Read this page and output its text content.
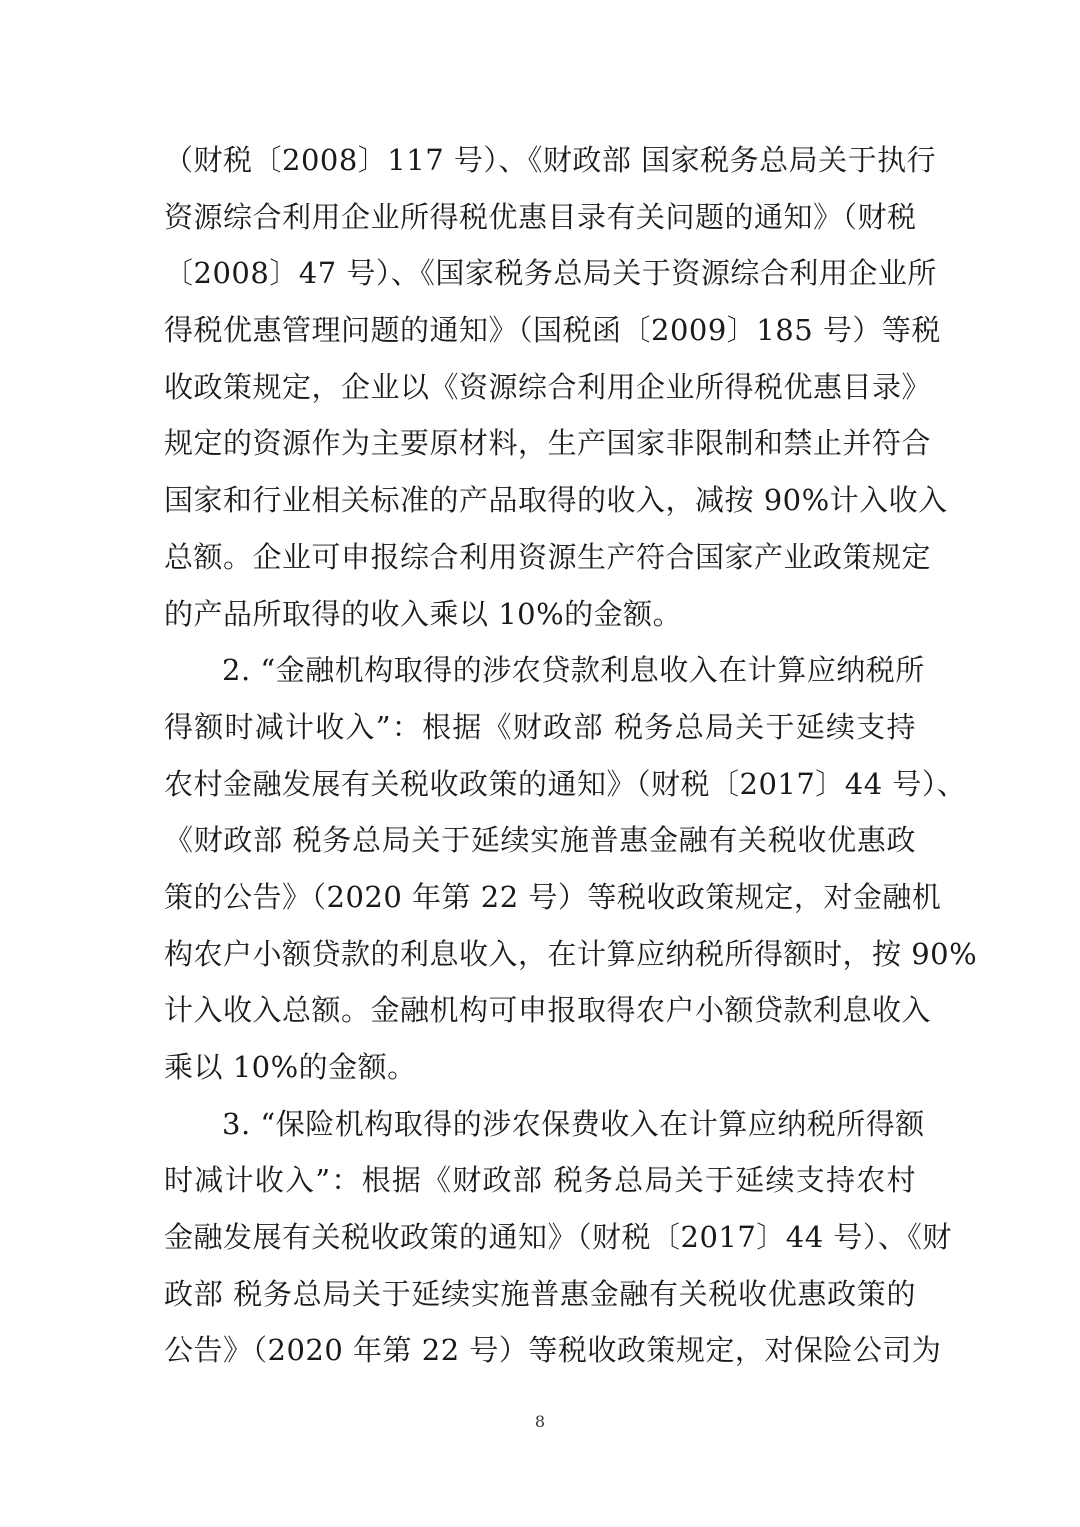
（财税〔2008〕117 号）、《财政部 国家税务总局关于执行
资源综合利用企业所得税优惠目录有关问题的通知》（财税
〔2008〕47 号）、《国家税务总局关于资源综合利用企业所
得税优惠管理问题的通知》（国税函〔2009〕185 号）等税
收政策规定，企业以《资源综合利用企业所得税优惠目录》
规定的资源作为主要原材料，生产国家非限制和禁止并符合
国家和行业相关标准的产品取得的收入，减按 90%计入收入
总额。企业可申报综合利用资源生产符合国家产业政策规定
的产品所取得的收入乘以 10%的金额。
2. “金融机构取得的涉农贷款利息收入在计算应纳税所
得额时减计收入”：根据《财政部 税务总局关于延续支持
农村金融发展有关税收政策的通知》（财税〔2017〕44 号）、
《财政部 税务总局关于延续实施普惠金融有关税收优惠政
策的公告》（2020 年第 22 号）等税收政策规定，对金融机
构农户小额贷款的利息收入，在计算应纳税所得额时，按 90%
计入收入总额。金融机构可申报取得农户小额贷款利息收入
乘以 10%的金额。
3. “保险机构取得的涉农保费收入在计算应纳税所得额
时减计收入”：根据《财政部 税务总局关于延续支持农村
金融发展有关税收政策的通知》（财税〔2017〕44 号）、《财
政部 税务总局关于延续实施普惠金融有关税收优惠政策的
公告》（2020 年第 22 号）等税收政策规定，对保险公司为
8
